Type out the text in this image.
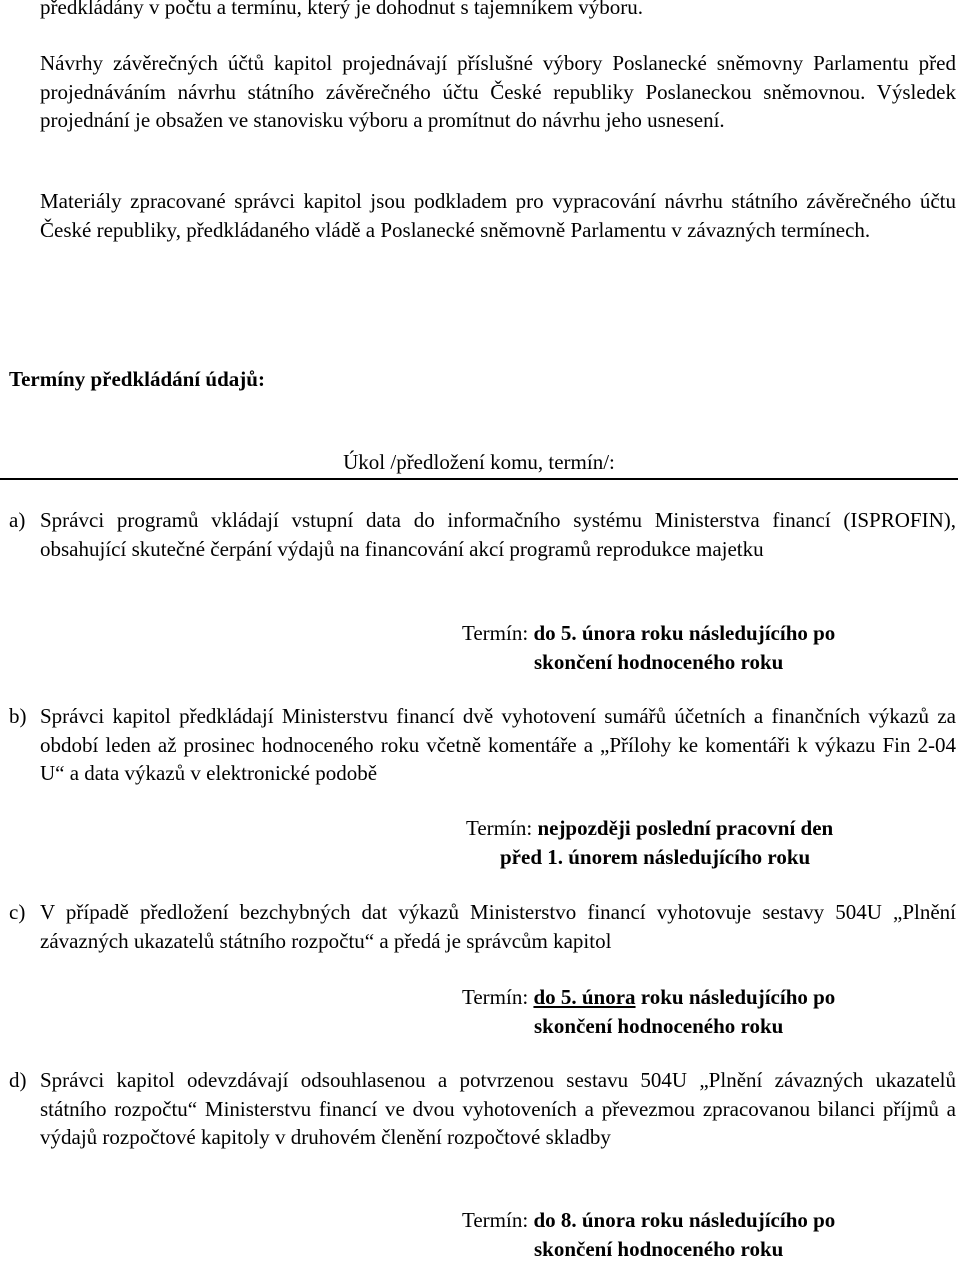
předkládány v počtu a termínu, který je dohodnut s tajemníkem výboru.

Návrhy závěrečných účtů kapitol projednávají příslušné výbory Poslanecké sněmovny Parlamentu před projednáváním návrhu státního závěrečného účtu České republiky Poslaneckou sněmovnou. Výsledek projednání je obsažen ve stanovisku výboru a promítnut do návrhu jeho usnesení.

Materiály zpracované správci kapitol jsou podkladem pro vypracování návrhu státního závěrečného účtu České republiky, předkládaného vládě a Poslanecké sněmovně Parlamentu v závazných termínech.

Termíny předkládání údajů:

Úkol /předložení komu, termín/:

a) Správci programů vkládají vstupní data do informačního systému Ministerstva financí (ISPROFIN), obsahující skutečné čerpání výdajů na financování akcí programů reprodukce majetku
Termín: do 5. února roku následujícího po
skončení hodnoceného roku
b) Správci kapitol předkládají Ministerstvu financí dvě vyhotovení sumářů účetních a finančních výkazů za období leden až prosinec hodnoceného roku včetně komentáře a „Přílohy ke komentáři k výkazu Fin 2-04 U“ a data výkazů v elektronické podobě
Termín: nejpozději poslední pracovní den
před 1. únorem následujícího roku
c) V případě předložení bezchybných dat výkazů Ministerstvo financí vyhotovuje sestavy 504U „Plnění závazných ukazatelů státního rozpočtu“ a předá je správcům kapitol
Termín: do 5. února roku následujícího po
skončení hodnoceného roku
d) Správci kapitol odevzdávají odsouhlasenou a potvrzenou sestavu 504U „Plnění závazných ukazatelů státního rozpočtu“ Ministerstvu financí ve dvou vyhotoveních a převezmou zpracovanou bilanci příjmů a výdajů rozpočtové kapitoly v druhovém členění rozpočtové skladby
Termín: do 8. února roku následujícího po
skončení hodnoceného roku
